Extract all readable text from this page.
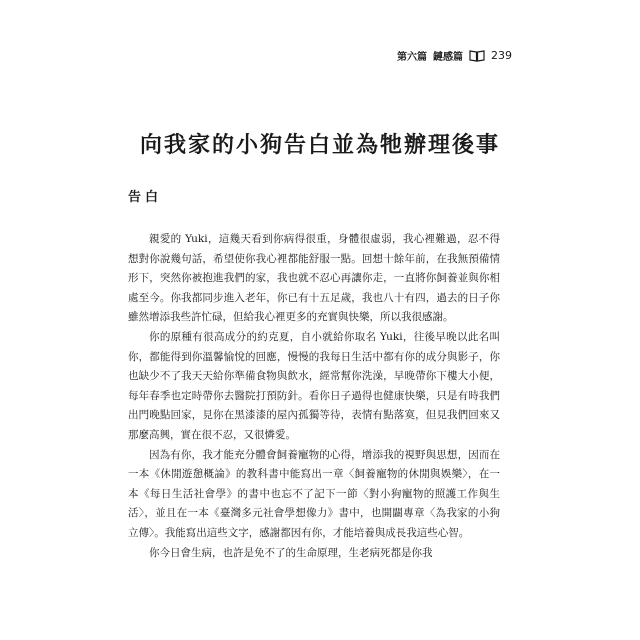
第六篇 鏈感篇	239
向我家的小狗告白並為牠辦理後事
告白

親愛的 Yuki，這幾天看到你病得很重，身體很虛弱，我心裡難過，忍不得想對你說幾句話，希望使你我心裡都能舒服一點。回想十餘年前，在我無預備情形下，突然你被抱進我們的家，我也就不忍心再讓你走，一直將你飼養並與你相處至今。你我都同步進入老年，你已有十五足歲，我也八十有四，過去的日子你雖然增添我些許忙碌，但給我心裡更多的充實與快樂，所以我很感謝。

你的原種有很高成分的約克夏，自小就給你取名 Yuki，往後早晚以此名叫你，都能得到你溫馨愉悅的回應，慢慢的我每日生活中都有你的成分與影子，你也缺少不了我天天給你準備食物與飲水，經常幫你洗澡，早晚帶你下樓大小便，每年春季也定時帶你去醫院打預防針。看你日子過得也健康快樂，只是有時我們出門晚點回家，見你在黑漆漆的屋內孤獨等待，表情有點落寞，但見我們回來又那麼高興，實在很不忍，又很憐愛。

因為有你，我才能充分體會飼養寵物的心得，增添我的視野與思想，因而在一本《休閒遊憩概論》的教科書中能寫出一章〈飼養寵物的休閒與娛樂〉，在一本《每日生活社會學》的書中也忘不了記下一節〈對小狗寵物的照護工作與生活〉，並且在一本《臺灣多元社會學想像力》書中，也開闢專章〈為我家的小狗立傳〉。我能寫出這些文字，感謝都因有你，才能培養與成長我這些心智。

你今日會生病，也許是免不了的生命原理，生老病死都是你我
